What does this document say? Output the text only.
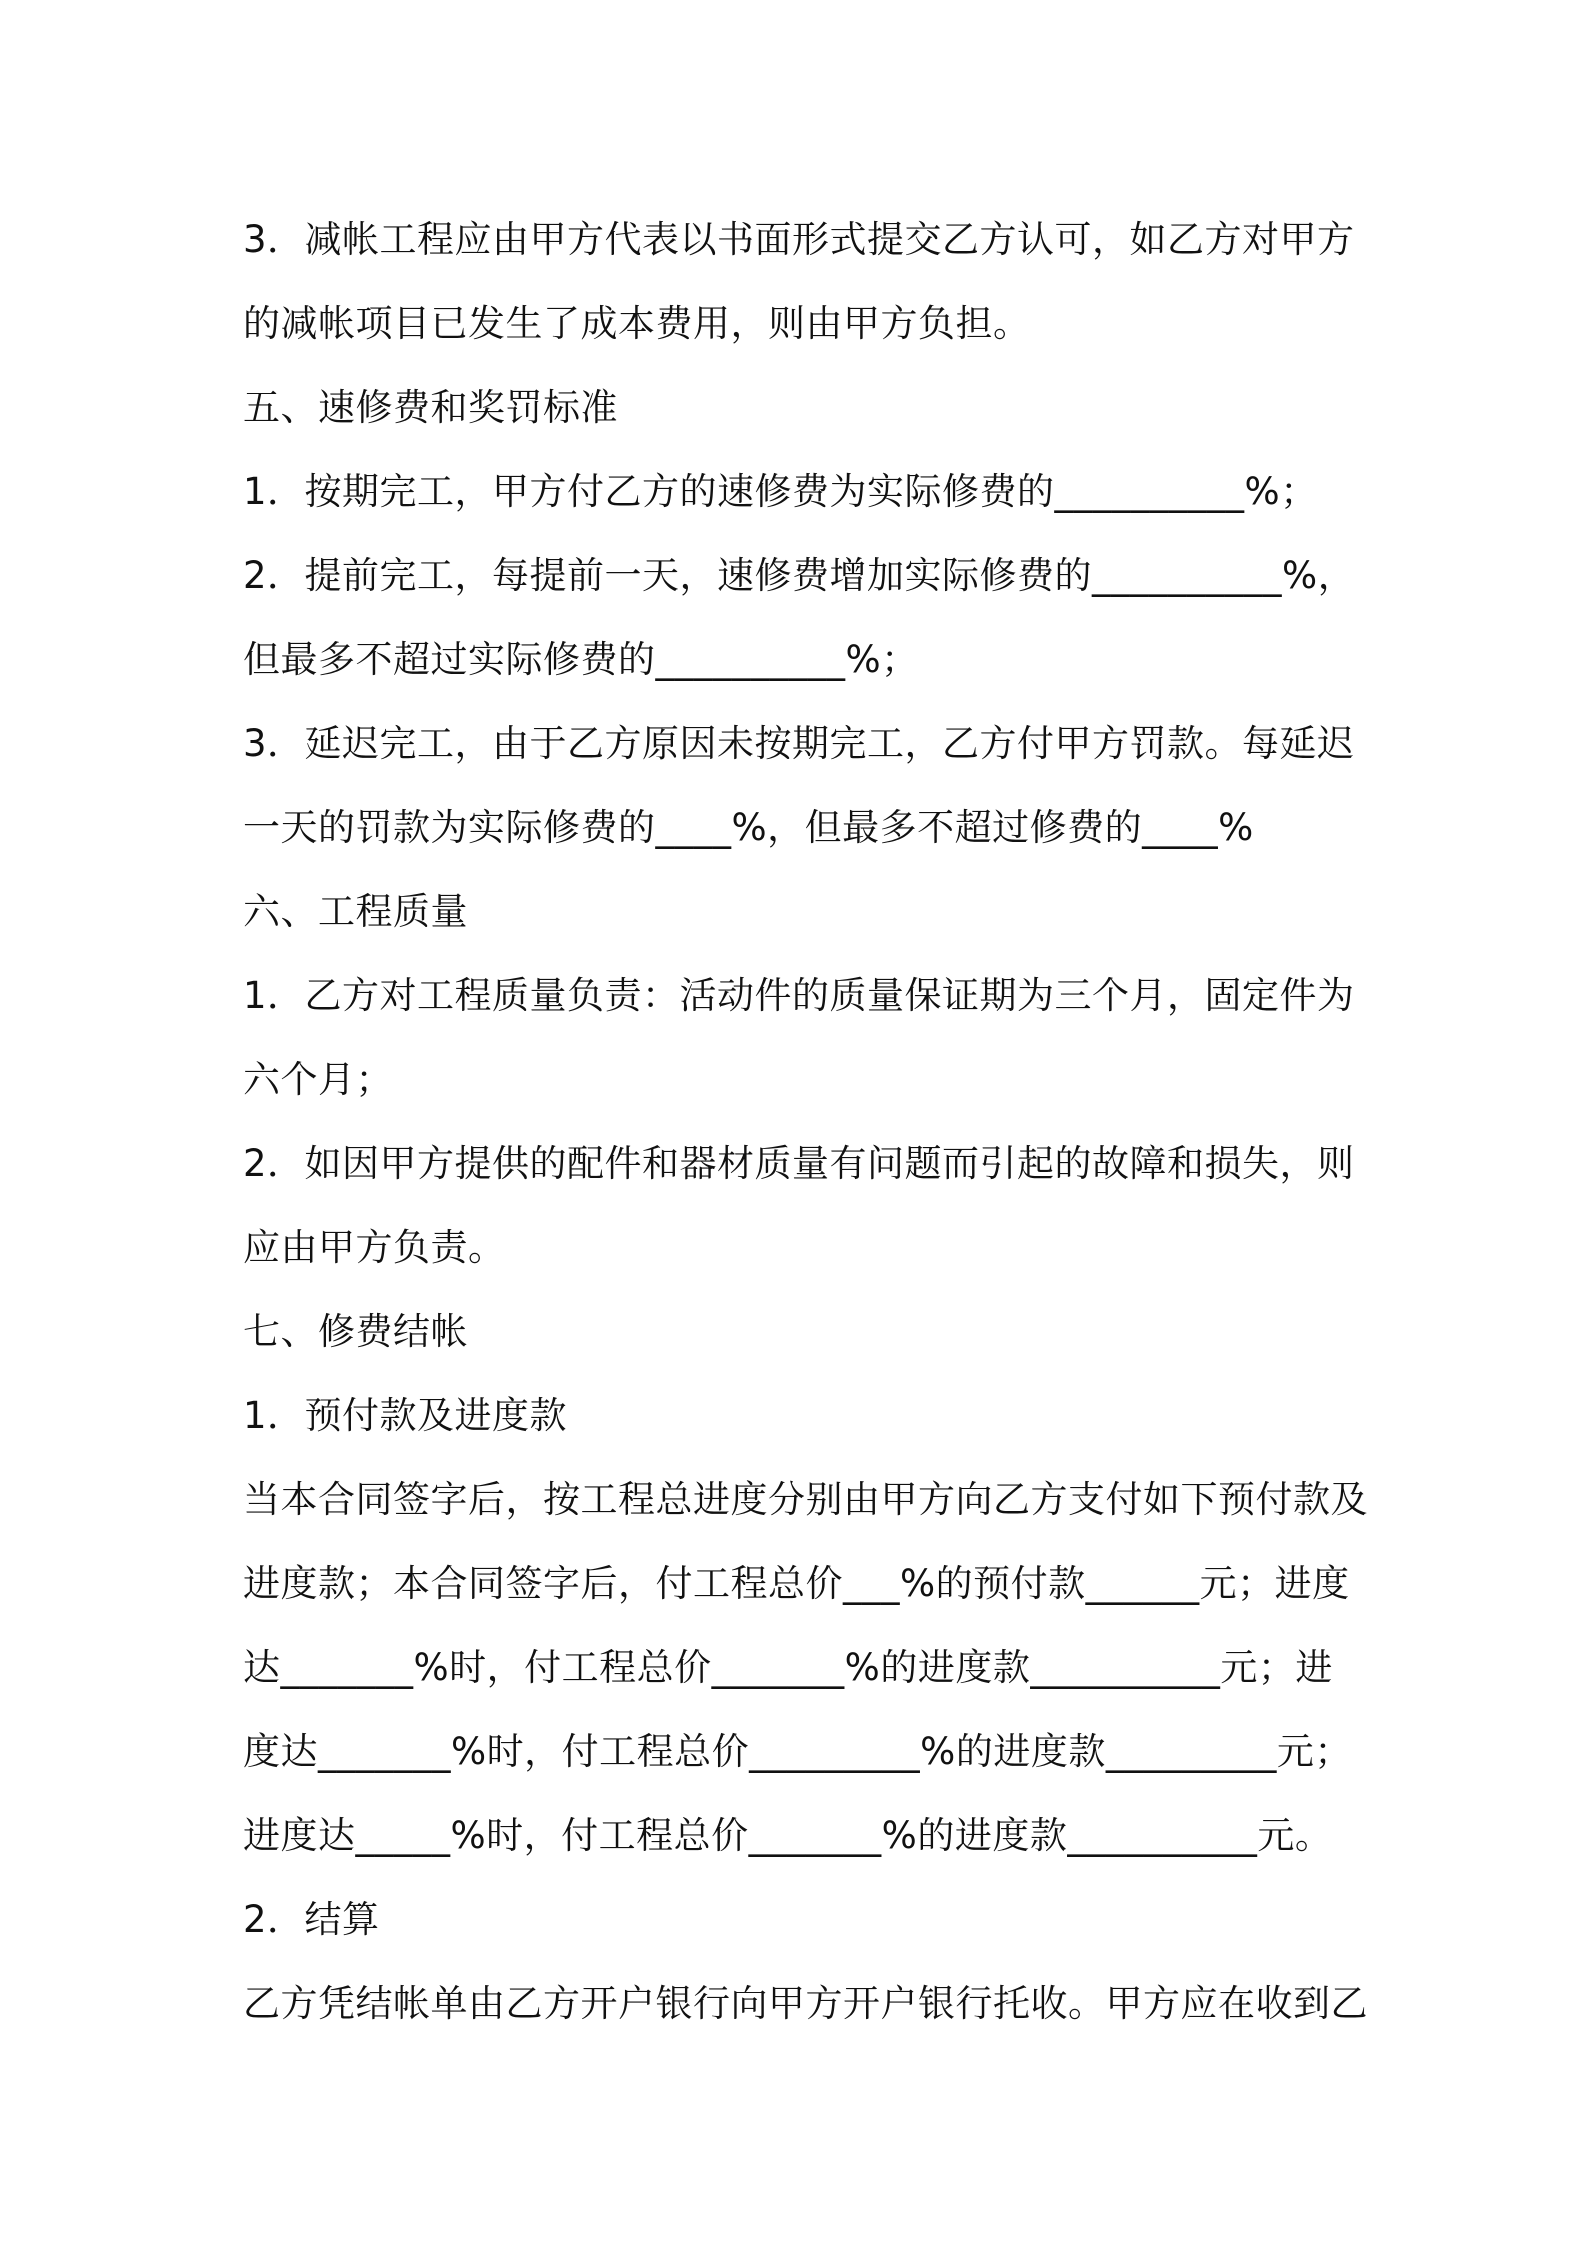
3．减帐工程应由甲方代表以书面形式提交乙方认可，如乙方对甲方
的减帐项目已发生了成本费用，则由甲方负担。
五、速修费和奖罚标准
1．按期完工，甲方付乙方的速修费为实际修费的__________%；
2．提前完工，每提前一天，速修费增加实际修费的__________%，
但最多不超过实际修费的__________%；
3．延迟完工，由于乙方原因未按期完工，乙方付甲方罚款。每延迟
一天的罚款为实际修费的____%，但最多不超过修费的____%
六、工程质量
1．乙方对工程质量负责：活动件的质量保证期为三个月，固定件为
六个月；
2．如因甲方提供的配件和器材质量有问题而引起的故障和损失，则
应由甲方负责。
七、修费结帐
1．预付款及进度款
当本合同签字后，按工程总进度分别由甲方向乙方支付如下预付款及
进度款；本合同签字后，付工程总价___%的预付款______元；进度
达_______%时，付工程总价_______%的进度款__________元；进
度达_______%时，付工程总价_________%的进度款_________元；
进度达_____%时，付工程总价_______%的进度款__________元。
2．结算
乙方凭结帐单由乙方开户银行向甲方开户银行托收。甲方应在收到乙
